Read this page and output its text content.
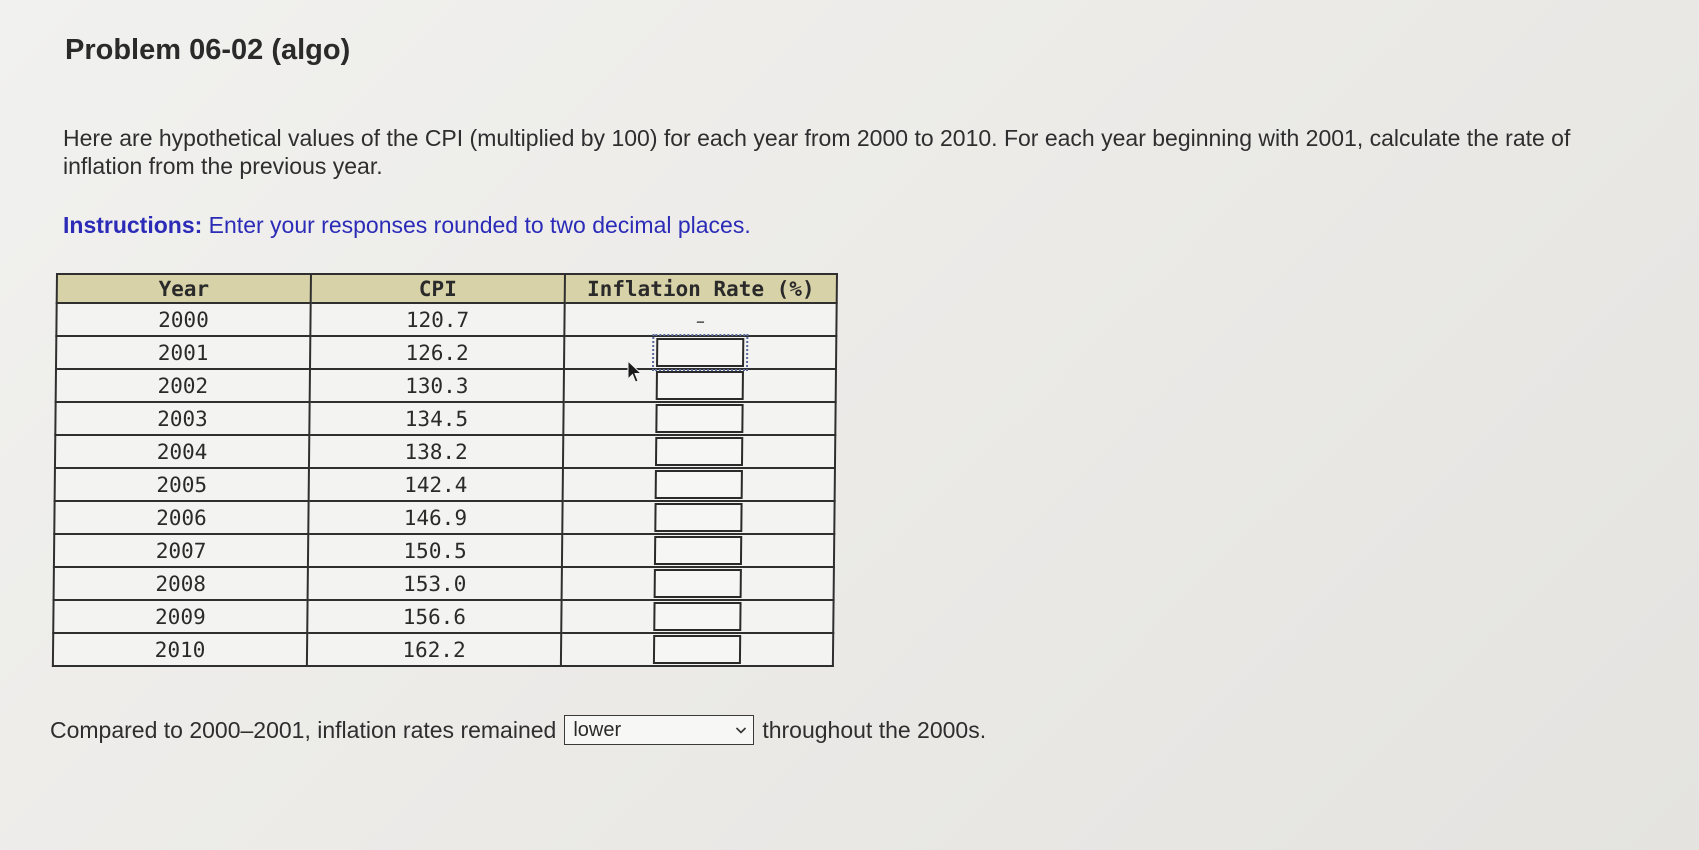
Problem 06-02 (algo)

Here are hypothetical values of the CPI (multiplied by 100) for each year from 2000 to 2010. For each year beginning with 2001, calculate the rate of inflation from the previous year.

Instructions: Enter your responses rounded to two decimal places.

Year	CPI	Inflation Rate (%)
2000	120.7	–
2001	126.2	

2002	130.3	

2003	134.5	

2004	138.2	

2005	142.4	

2006	146.9	

2007	150.5	

2008	153.0	

2009	156.6	

2010	162.2	
Compared to 2000–2001, inflation rates remained lower	throughout the 2000s.
